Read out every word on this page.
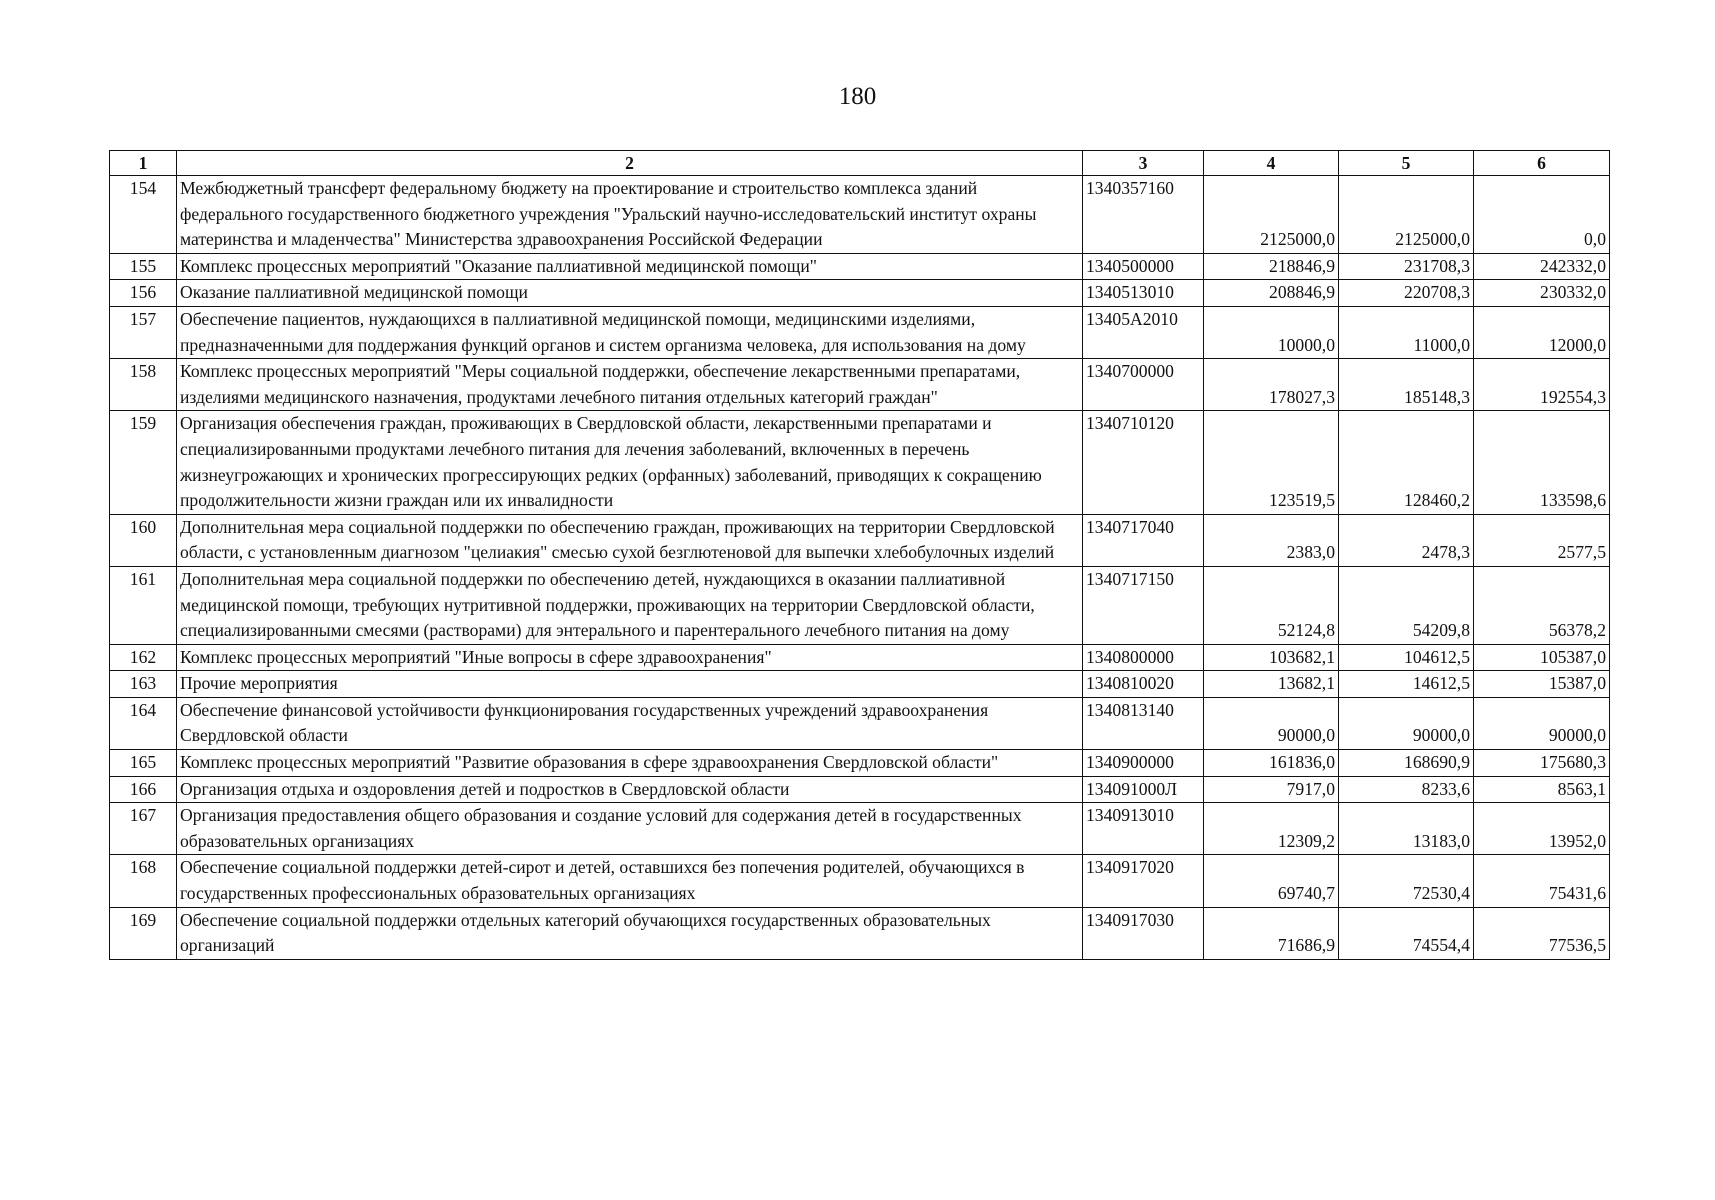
180
1	2	3	4	5	6
154	Межбюджетный трансферт федеральному бюджету на проектирование и строительство комплекса зданий федерального государственного бюджетного учреждения "Уральский научно-исследовательский институт охраны материнства и младенчества" Министерства здравоохранения Российской Федерации	1340357160	2125000,0	2125000,0	0,0
155	Комплекс процессных мероприятий "Оказание паллиативной медицинской помощи"	1340500000	218846,9	231708,3	242332,0
156	Оказание паллиативной медицинской помощи	1340513010	208846,9	220708,3	230332,0
157	Обеспечение пациентов, нуждающихся в паллиативной медицинской помощи, медицинскими изделиями, предназначенными для поддержания функций органов и систем организма человека, для использования на дому	13405А2010	10000,0	11000,0	12000,0
158	Комплекс процессных мероприятий "Меры социальной поддержки, обеспечение лекарственными препаратами, изделиями медицинского назначения, продуктами лечебного питания отдельных категорий граждан"	1340700000	178027,3	185148,3	192554,3
159	Организация обеспечения граждан, проживающих в Свердловской области, лекарственными препаратами и специализированными продуктами лечебного питания для лечения заболеваний, включенных в перечень жизнеугрожающих и хронических прогрессирующих редких (орфанных) заболеваний, приводящих к сокращению продолжительности жизни граждан или их инвалидности	1340710120	123519,5	128460,2	133598,6
160	Дополнительная мера социальной поддержки по обеспечению граждан, проживающих на территории Свердловской области, с установленным диагнозом "целиакия" смесью сухой безглютеновой для выпечки хлебобулочных изделий	1340717040	2383,0	2478,3	2577,5
161	Дополнительная мера социальной поддержки по обеспечению детей, нуждающихся в оказании паллиативной медицинской помощи, требующих нутритивной поддержки, проживающих на территории Свердловской области, специализированными смесями (растворами) для энтерального и парентерального лечебного питания на дому	1340717150	52124,8	54209,8	56378,2
162	Комплекс процессных мероприятий "Иные вопросы в сфере здравоохранения"	1340800000	103682,1	104612,5	105387,0
163	Прочие мероприятия	1340810020	13682,1	14612,5	15387,0
164	Обеспечение финансовой устойчивости функционирования государственных учреждений здравоохранения Свердловской области	1340813140	90000,0	90000,0	90000,0
165	Комплекс процессных мероприятий "Развитие образования в сфере здравоохранения Свердловской области"	1340900000	161836,0	168690,9	175680,3
166	Организация отдыха и оздоровления детей и подростков в Свердловской области	134091000Л	7917,0	8233,6	8563,1
167	Организация предоставления общего образования и создание условий для содержания детей в государственных образовательных организациях	1340913010	12309,2	13183,0	13952,0
168	Обеспечение социальной поддержки детей-сирот и детей, оставшихся без попечения родителей, обучающихся в государственных профессиональных образовательных организациях	1340917020	69740,7	72530,4	75431,6
169	Обеспечение социальной поддержки отдельных категорий обучающихся государственных образовательных организаций	1340917030	71686,9	74554,4	77536,5
